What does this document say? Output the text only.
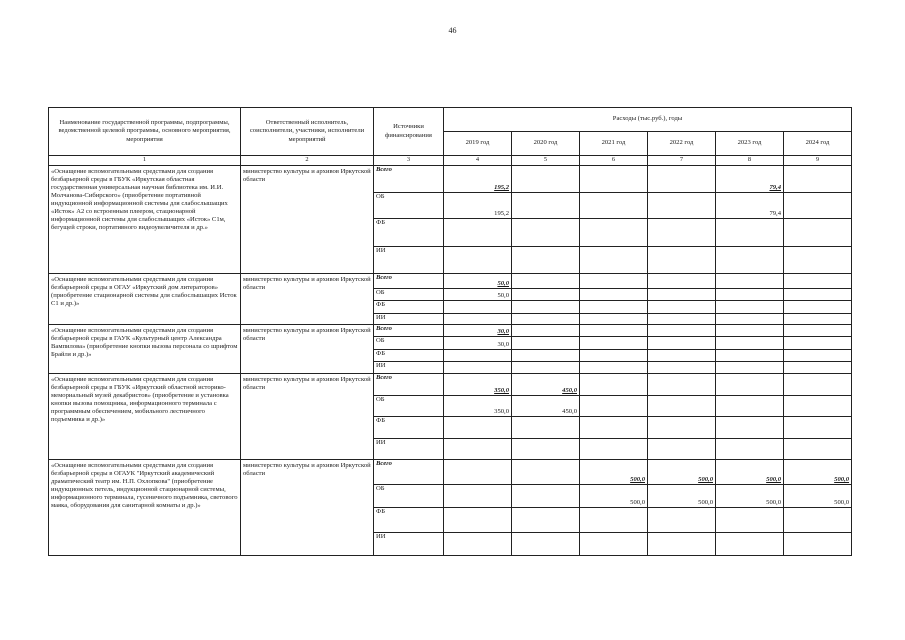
46
Наименование государственной программы, подпрограммы, ведомственной целевой программы, основного мероприятия, мероприятия	Ответственный исполнитель, соисполнители, участники, исполнители мероприятий	Источники финансирования	Расходы (тыс.руб.), годы					
			2019 год	2020 год	2021 год	2022 год	2023 год	2024 год
1	2	3	4	5	6	7	8	9
«Оснащение вспомогательными средствами для создания безбарьерной среды в ГБУК «Иркутская областная государственная универсальная научная библиотека им. И.И. Молчанова-Сибирского» (приобретение портативной индукционной информационной системы для слабослышащих «Исток» А2 со встроенным плеером, стационарной информационной системы для слабослышащих «Исток» С1м, бегущей строки, портативного видеоувеличителя и др.»	министерство культуры и архивов Иркутской области	Всего	195,2				79,4	
		ОБ	195,2				79,4	
		ФБ						
		ИИ						
«Оснащение вспомогательными средствами для создания безбарьерной среды в ОГАУ «Иркутский дом литераторов» (приобретение стационарной системы для слабослышащих Исток С1 и др.)»	министерство культуры и архивов Иркутской области	Всего	50,0					
		ОБ	50,0					
		ФБ						
		ИИ						
«Оснащение вспомогательными средствами для создания безбарьерной среды в ГАУК «Культурный центр Александра Вампилова» (приобретение кнопки вызова персонала со шрифтом Брайля и др.)»	министерство культуры и архивов Иркутской области	Всего	30,0					
		ОБ	30,0					
		ФБ						
		ИИ						
«Оснащение вспомогательными средствами для создания безбарьерной среды в ГБУК «Иркутский областной историко-мемориальный музей декабристов» (приобретение и установка кнопки вызова помощника, информационного терминала с программным обеспечением, мобильного лестничного подъемника и др.)»	министерство культуры и архивов Иркутской области	Всего	350,0	450,0				
		ОБ	350,0	450,0				
		ФБ						
		ИИ						
«Оснащение вспомогательными средствами для создания безбарьерной среды в ОГАУК "Иркутский академический драматический театр им. Н.П. Охлопкова" (приобретение индукционных петель, индукционной стационарной системы, информационного терминала, гусеничного подъемника, светового маяка, оборудования для санитарной комнаты и др.)»	министерство культуры и архивов Иркутской области	Всего			500,0	500,0	500,0	500,0
		ОБ			500,0	500,0	500,0	500,0
		ФБ						
		ИИ						
